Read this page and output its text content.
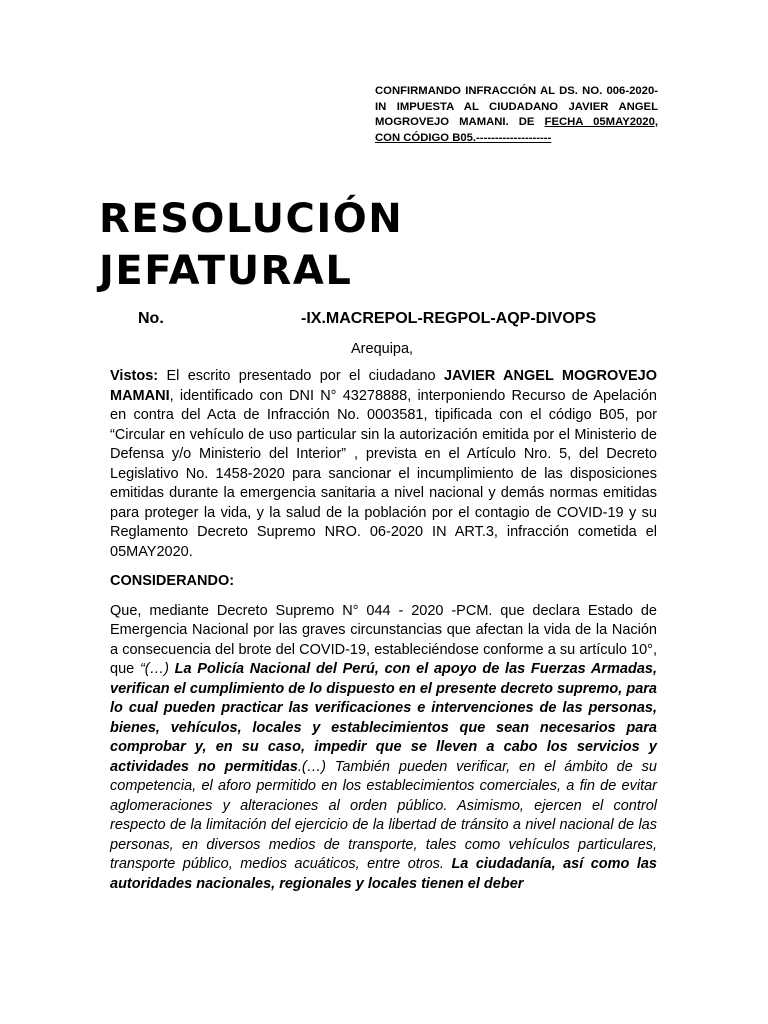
CONFIRMANDO INFRACCIÓN AL DS. NO. 006-2020-IN IMPUESTA AL CIUDADANO JAVIER ANGEL MOGROVEJO MAMANI. DE FECHA 05MAY2020, CON CÓDIGO B05.--------------------
RESOLUCIÓN
JEFATURAL
No.	-IX.MACREPOL-REGPOL-AQP-DIVOPS
Arequipa,

Vistos: El escrito presentado por el ciudadano JAVIER ANGEL MOGROVEJO MAMANI, identificado con DNI N° 43278888, interponiendo Recurso de Apelación en contra del Acta de Infracción No. 0003581, tipificada con el código B05, por “Circular en vehículo de uso particular sin la autorización emitida por el Ministerio de Defensa y/o Ministerio del Interior” , prevista en el Artículo Nro. 5, del Decreto Legislativo No. 1458-2020 para sancionar el incumplimiento de las disposiciones emitidas durante la emergencia sanitaria a nivel nacional y demás normas emitidas para proteger la vida, y la salud de la población por el contagio de COVID-19 y su Reglamento Decreto Supremo NRO. 06-2020 IN ART.3, infracción cometida el 05MAY2020.

CONSIDERANDO:

Que, mediante Decreto Supremo N° 044 - 2020 -PCM. que declara Estado de Emergencia Nacional por las graves circunstancias que afectan la vida de la Nación a consecuencia del brote del COVID-19, estableciéndose conforme a su artículo 10°, que “(…) La Policía Nacional del Perú, con el apoyo de las Fuerzas Armadas, verifican el cumplimiento de lo dispuesto en el presente decreto supremo, para lo cual pueden practicar las verificaciones e intervenciones de las personas, bienes, vehículos, locales y establecimientos que sean necesarios para comprobar y, en su caso, impedir que se lleven a cabo los servicios y actividades no permitidas.(…) También pueden verificar, en el ámbito de su competencia, el aforo permitido en los establecimientos comerciales, a fin de evitar aglomeraciones y alteraciones al orden público. Asimismo, ejercen el control respecto de la limitación del ejercicio de la libertad de tránsito a nivel nacional de las personas, en diversos medios de transporte, tales como vehículos particulares, transporte público, medios acuáticos, entre otros. La ciudadanía, así como las autoridades nacionales, regionales y locales tienen el deber
